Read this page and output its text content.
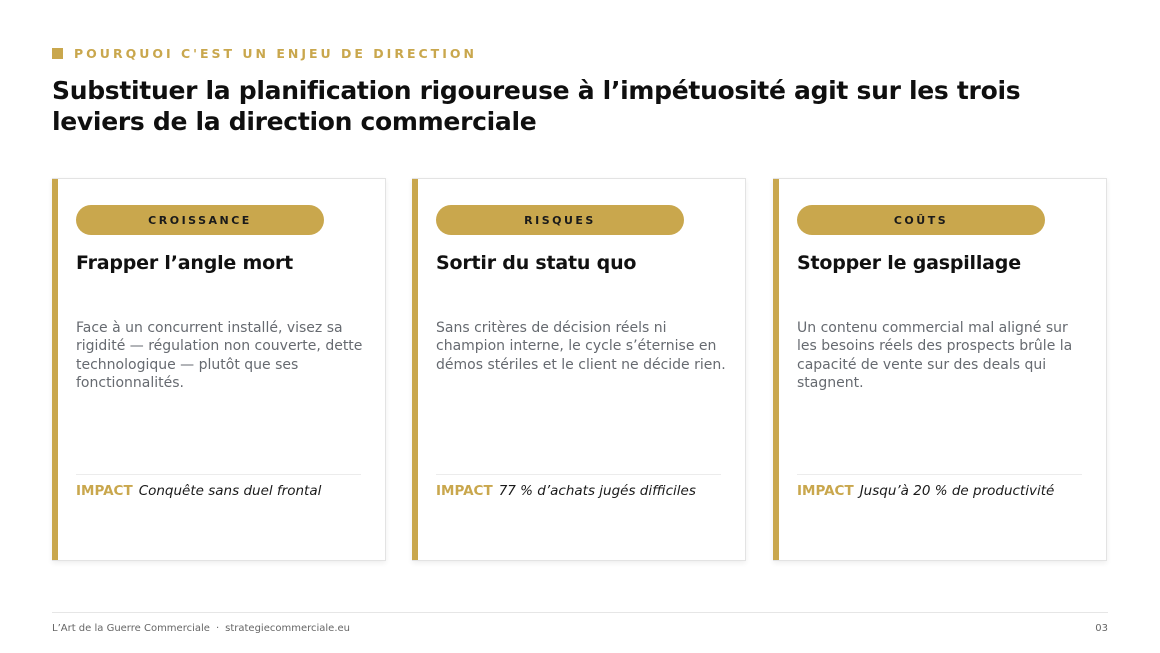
POURQUOI C'EST UN ENJEU DE DIRECTION
Substituer la planification rigoureuse à l’impétuosité agit sur les trois leviers de la direction commerciale
CROISSANCE
Frapper l’angle mort
Face à un concurrent installé, visez sa rigidité — régulation non couverte, dette technologique — plutôt que ses fonctionnalités.
IMPACT Conquête sans duel frontal
RISQUES
Sortir du statu quo
Sans critères de décision réels ni champion interne, le cycle s’éternise en démos stériles et le client ne décide rien.
IMPACT 77 % d’achats jugés difficiles
COÛTS
Stopper le gaspillage
Un contenu commercial mal aligné sur les besoins réels des prospects brûle la capacité de vente sur des deals qui stagnent.
IMPACT Jusqu’à 20 % de productivité
L’Art de la Guerre Commerciale · strategiecommerciale.eu	03
